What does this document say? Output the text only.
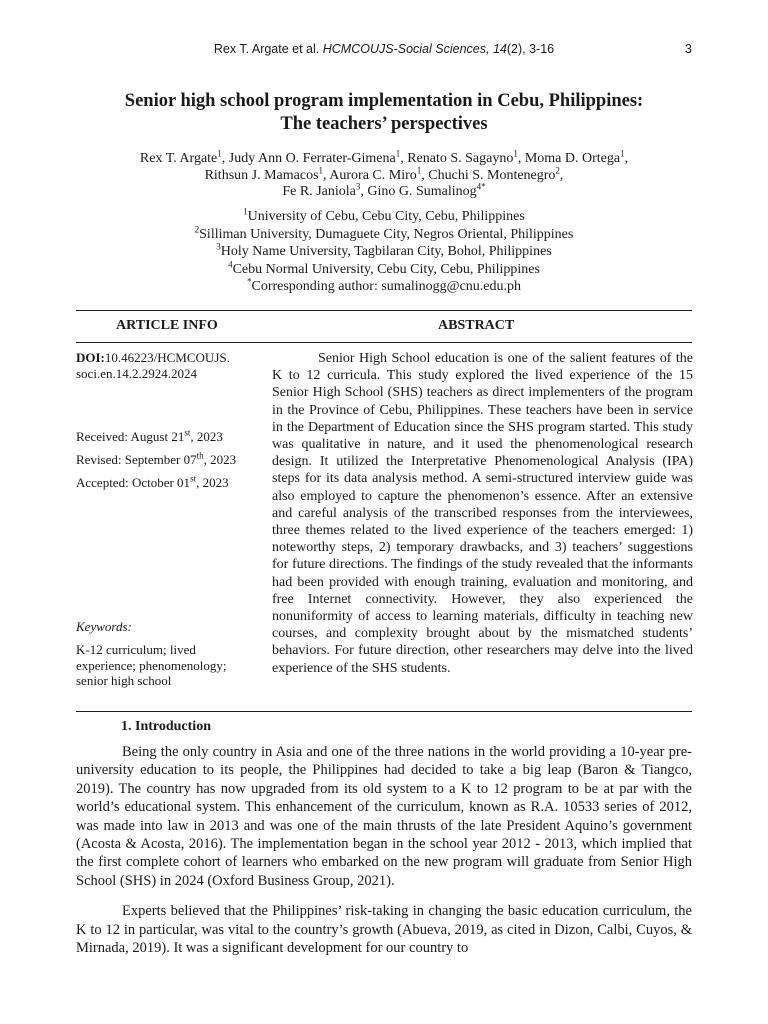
Rex T. Argate et al. HCMCOUJS-Social Sciences, 14(2), 3-16	3
Senior high school program implementation in Cebu, Philippines:
The teachers’ perspectives
Rex T. Argate$^1$, Judy Ann O. Ferrater-Gimena$^1$, Renato S. Sagayno$^1$, Moma D. Ortega$^1$,
Rithsun J. Mamacos$^1$, Aurora C. Miro$^1$, Chuchi S. Montenegro$^2$,
Fe R. Janiola$^3$, Gino G. Sumalinog$^{4*}$
$^1$University of Cebu, Cebu City, Cebu, Philippines
$^2$Silliman University, Dumaguete City, Negros Oriental, Philippines
$^3$Holy Name University, Tagbilaran City, Bohol, Philippines
$^4$Cebu Normal University, Cebu City, Cebu, Philippines
*Corresponding author: sumalinogg@cnu.edu.ph
ARTICLE INFO	ABSTRACT
DOI:10.46223/HCMCOUJS.
soci.en.14.2.2924.2024
Received: August 21st, 2023
Revised: September 07th, 2023
Accepted: October 01st, 2023
Keywords:
K-12 curriculum; lived experience; phenomenology; senior high school

Senior High School education is one of the salient features of the K to 12 curricula. This study explored the lived experience of the 15 Senior High School (SHS) teachers as direct implementers of the program in the Province of Cebu, Philippines. These teachers have been in service in the Department of Education since the SHS program started. This study was qualitative in nature, and it used the phenomenological research design. It utilized the Interpretative Phenomenological Analysis (IPA) steps for its data analysis method. A semi-structured interview guide was also employed to capture the phenomenon’s essence. After an extensive and careful analysis of the transcribed responses from the interviewees, three themes related to the lived experience of the teachers emerged: 1) noteworthy steps, 2) temporary drawbacks, and 3) teachers’ suggestions for future directions. The findings of the study revealed that the informants had been provided with enough training, evaluation and monitoring, and free Internet connectivity. However, they also experienced the nonuniformity of access to learning materials, difficulty in teaching new courses, and complexity brought about by the mismatched students’ behaviors. For future direction, other researchers may delve into the lived experience of the SHS students.

1. Introduction

Being the only country in Asia and one of the three nations in the world providing a 10-year pre-university education to its people, the Philippines had decided to take a big leap (Baron & Tiangco, 2019). The country has now upgraded from its old system to a K to 12 program to be at par with the world’s educational system. This enhancement of the curriculum, known as R.A. 10533 series of 2012, was made into law in 2013 and was one of the main thrusts of the late President Aquino’s government (Acosta & Acosta, 2016). The implementation began in the school year 2012 - 2013, which implied that the first complete cohort of learners who embarked on the new program will graduate from Senior High School (SHS) in 2024 (Oxford Business Group, 2021).

Experts believed that the Philippines’ risk-taking in changing the basic education curriculum, the K to 12 in particular, was vital to the country’s growth (Abueva, 2019, as cited in Dizon, Calbi, Cuyos, & Mirnada, 2019). It was a significant development for our country to
